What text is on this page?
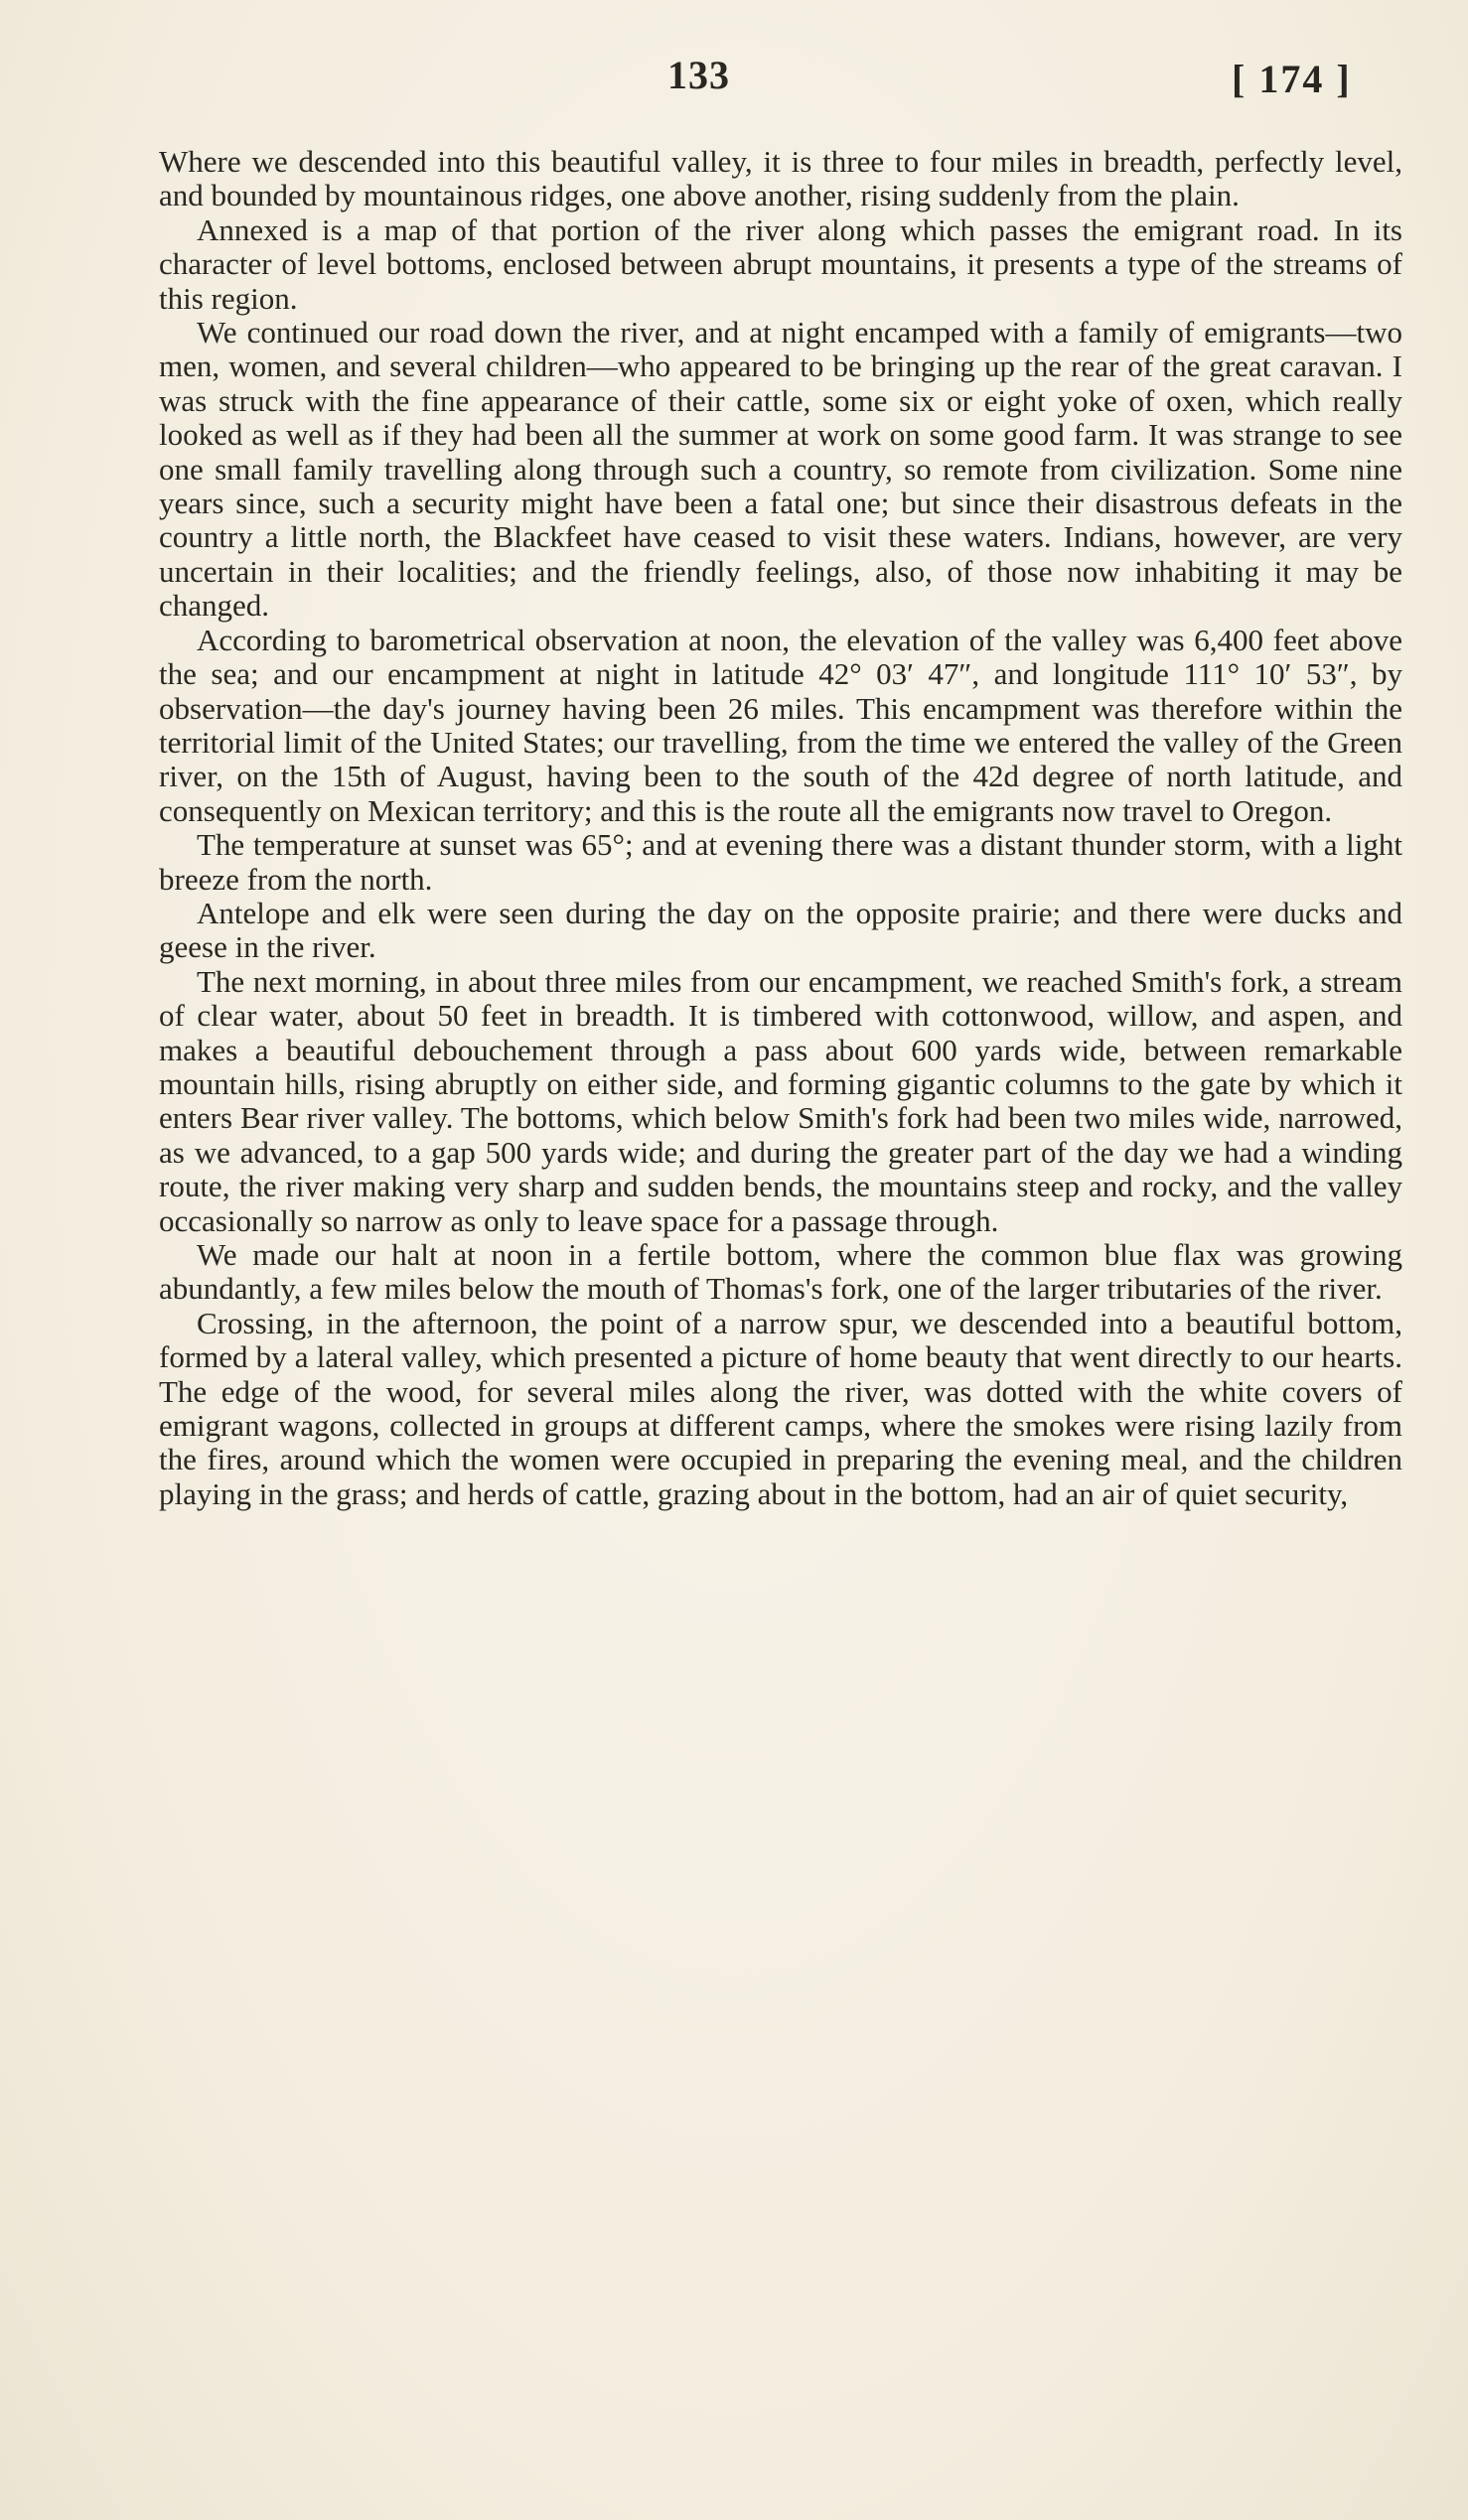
133	[ 174 ]

Where we descended into this beautiful valley, it is three to four miles in breadth, perfectly level, and bounded by mountainous ridges, one above another, rising suddenly from the plain.

Annexed is a map of that portion of the river along which passes the emigrant road. In its character of level bottoms, enclosed between abrupt mountains, it presents a type of the streams of this region.

We continued our road down the river, and at night encamped with a family of emigrants—two men, women, and several children—who appeared to be bringing up the rear of the great caravan. I was struck with the fine appearance of their cattle, some six or eight yoke of oxen, which really looked as well as if they had been all the summer at work on some good farm. It was strange to see one small family travelling along through such a country, so remote from civilization. Some nine years since, such a security might have been a fatal one; but since their disastrous defeats in the country a little north, the Blackfeet have ceased to visit these waters. Indians, however, are very uncertain in their localities; and the friendly feelings, also, of those now inhabiting it may be changed.

According to barometrical observation at noon, the elevation of the valley was 6,400 feet above the sea; and our encampment at night in latitude 42° 03′ 47″, and longitude 111° 10′ 53″, by observation—the day's journey having been 26 miles. This encampment was therefore within the territorial limit of the United States; our travelling, from the time we entered the valley of the Green river, on the 15th of August, having been to the south of the 42d degree of north latitude, and consequently on Mexican territory; and this is the route all the emigrants now travel to Oregon.

The temperature at sunset was 65°; and at evening there was a distant thunder storm, with a light breeze from the north.

Antelope and elk were seen during the day on the opposite prairie; and there were ducks and geese in the river.

The next morning, in about three miles from our encampment, we reached Smith's fork, a stream of clear water, about 50 feet in breadth. It is timbered with cottonwood, willow, and aspen, and makes a beautiful debouchement through a pass about 600 yards wide, between remarkable mountain hills, rising abruptly on either side, and forming gigantic columns to the gate by which it enters Bear river valley. The bottoms, which below Smith's fork had been two miles wide, narrowed, as we advanced, to a gap 500 yards wide; and during the greater part of the day we had a winding route, the river making very sharp and sudden bends, the mountains steep and rocky, and the valley occasionally so narrow as only to leave space for a passage through.

We made our halt at noon in a fertile bottom, where the common blue flax was growing abundantly, a few miles below the mouth of Thomas's fork, one of the larger tributaries of the river.

Crossing, in the afternoon, the point of a narrow spur, we descended into a beautiful bottom, formed by a lateral valley, which presented a picture of home beauty that went directly to our hearts. The edge of the wood, for several miles along the river, was dotted with the white covers of emigrant wagons, collected in groups at different camps, where the smokes were rising lazily from the fires, around which the women were occupied in preparing the evening meal, and the children playing in the grass; and herds of cattle, grazing about in the bottom, had an air of quiet security,
